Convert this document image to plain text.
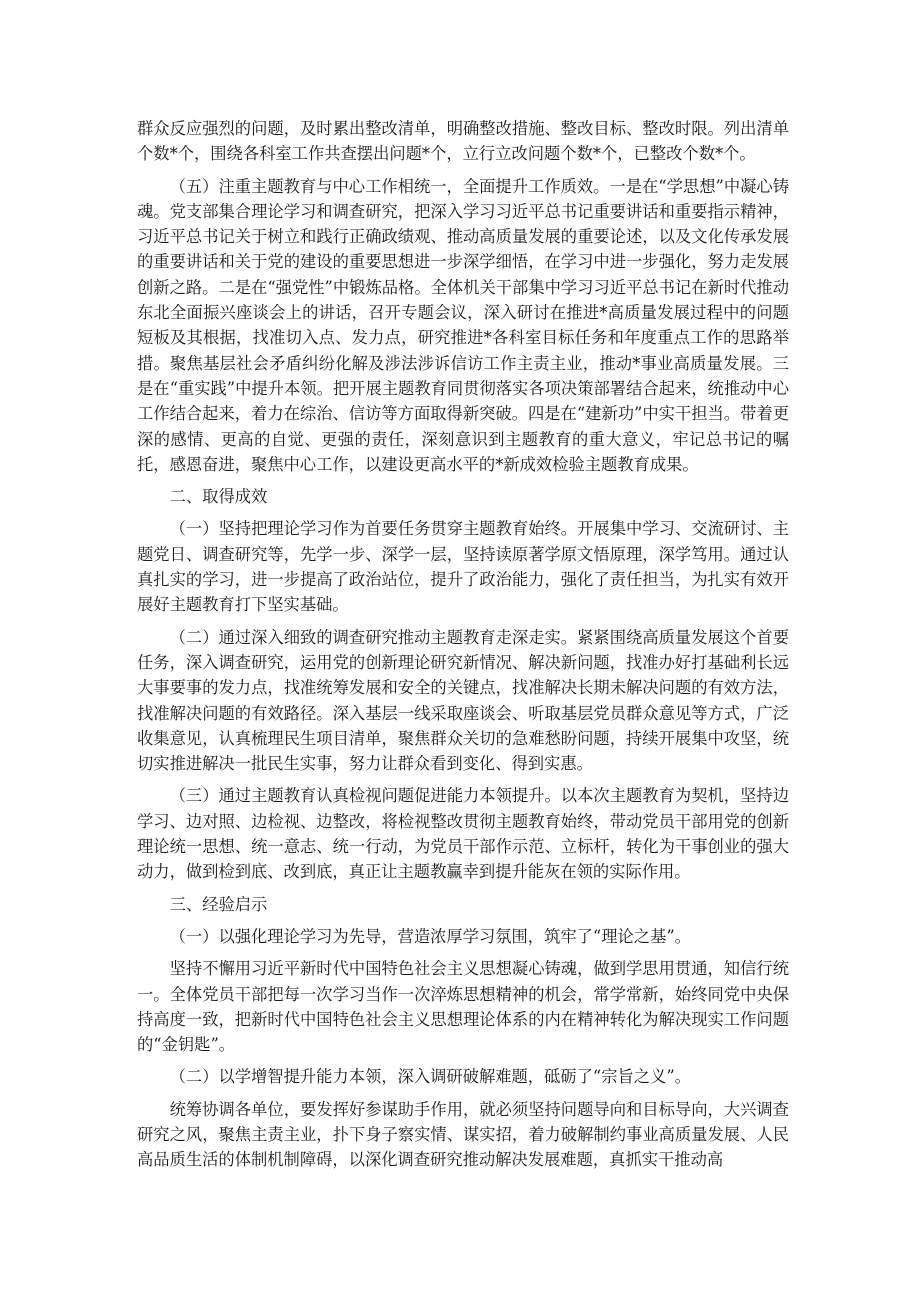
群众反应强烈的问题，及时累出整改清单，明确整改措施、整改目标、整改时限。列出清单个数*个，围绕各科室工作共查摆出问题*个，立行立改问题个数*个，已整改个数*个。

（五）注重主题教育与中心工作相统一，全面提升工作质效。一是在“学思想”中凝心铸魂。党支部集合理论学习和调查研究，把深入学习习近平总书记重要讲话和重要指示精神，习近平总书记关于树立和践行正确政绩观、推动高质量发展的重要论述，以及文化传承发展的重要讲话和关于党的建设的重要思想进一步深学细悟，在学习中进一步强化，努力走发展创新之路。二是在“强党性”中锻炼品格。全体机关干部集中学习习近平总书记在新时代推动东北全面振兴座谈会上的讲话，召开专题会议，深入研讨在推进*高质量发展过程中的问题短板及其根据，找准切入点、发力点，研究推进*各科室目标任务和年度重点工作的思路举措。聚焦基层社会矛盾纠纷化解及涉法涉诉信访工作主责主业，推动*事业高质量发展。三是在“重实践”中提升本领。把开展主题教育同贯彻落实各项决策部署结合起来，统推动中心工作结合起来，着力在综治、信访等方面取得新突破。四是在“建新功”中实干担当。带着更深的感情、更高的自觉、更强的责任，深刻意识到主题教育的重大意义，牢记总书记的嘱托，感恩奋进，聚焦中心工作，以建设更高水平的*新成效检验主题教育成果。

二、取得成效

（一）坚持把理论学习作为首要任务贯穿主题教育始终。开展集中学习、交流研讨、主题党日、调查研究等，先学一步、深学一层，坚持读原著学原文悟原理，深学笃用。通过认真扎实的学习，进一步提高了政治站位，提升了政治能力，强化了责任担当，为扎实有效开展好主题教育打下坚实基础。

（二）通过深入细致的调查研究推动主题教育走深走实。紧紧围绕高质量发展这个首要任务，深入调查研究，运用党的创新理论研究新情况、解决新问题，找准办好打基础利长远大事要事的发力点，找准统筹发展和安全的关键点，找准解决长期未解决问题的有效方法，找准解决问题的有效路径。深入基层一线采取座谈会、听取基层党员群众意见等方式，广泛收集意见，认真梳理民生项目清单，聚焦群众关切的急难愁盼问题，持续开展集中攻坚，统切实推进解决一批民生实事，努力让群众看到变化、得到实惠。

（三）通过主题教育认真检视问题促进能力本领提升。以本次主题教育为契机，坚持边学习、边对照、边检视、边整改，将检视整改贯彻主题教育始终，带动党员干部用党的创新理论统一思想、统一意志、统一行动，为党员干部作示范、立标杆，转化为干事创业的强大动力，做到检到底、改到底，真正让主题教赢幸到提升能灰在领的实际作用。

三、经验启示

（一）以强化理论学习为先导，营造浓厚学习氛围，筑牢了“理论之基”。

坚持不懈用习近平新时代中国特色社会主义思想凝心铸魂，做到学思用贯通，知信行统一。全体党员干部把每一次学习当作一次淬炼思想精神的机会，常学常新，始终同党中央保持高度一致，把新时代中国特色社会主义思想理论体系的内在精神转化为解决现实工作问题的“金钥匙”。

（二）以学增智提升能力本领，深入调研破解难题，砥砺了“宗旨之义”。

统筹协调各单位，要发挥好参谋助手作用，就必须坚持问题导向和目标导向，大兴调查研究之风，聚焦主责主业，扑下身子察实情、谋实招，着力破解制约事业高质量发展、人民高品质生活的体制机制障碍，以深化调查研究推动解决发展难题，真抓实干推动高
